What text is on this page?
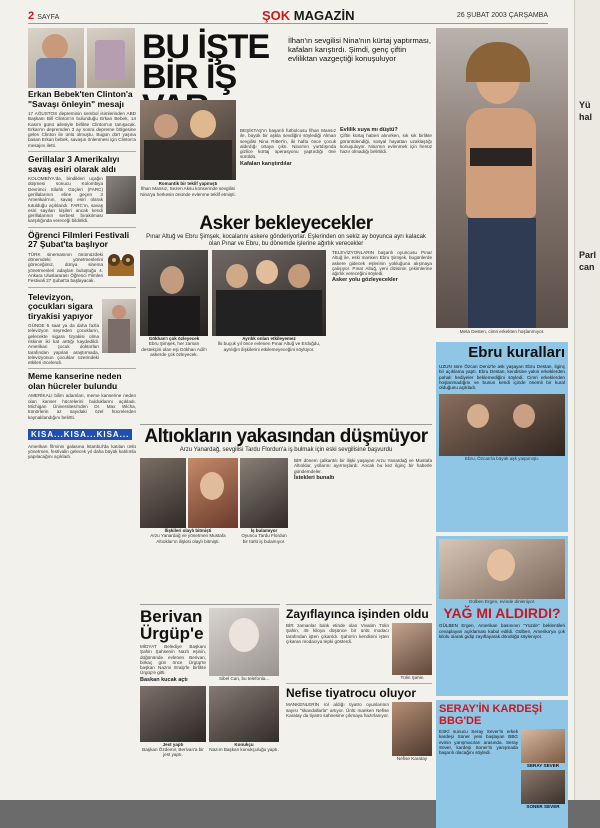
2 SAYFA	ŞOK MAGAZİN	26 ŞUBAT 2003 ÇARŞAMBA
Erkan Bebek'ten Clinton'a "Savaşı önleyin" mesajı

17 AĞUSTOS depreminin sembol isimlerinden ABD Başkanı Bill Clinton'ın bulunduğu Erkan Bebek, 14 Kasım günü ailesiyle birlikte Clinton'un tanışacak. Erkan'ın depremden 3 ay sonra depreme bölgesine gelen Clinton ile ünlü olmuştu. Bugün dört yaşına basan Erkan bebek, savaşın önlenmesi için Clinton'a mesajını iletti.

Gerillalar 3 Amerikalıyı savaş esiri olarak aldı

KOLOMBİYA'da, bindikleri uçağın düşmesi sonucu Kolombiya Devrimci Silahlı Güçleri (FARC) gerillalarının eline geçen 3 Amerikalı'nın, savaş esiri olarak tutulduğu açıklandı. FARC'ın, savaş esiri sayılan kişileri ancak kendi gerillalarının serbest bırakılması karşılığında vereceği bildirildi.

Öğrenci Filmleri Festivali 27 Şubat'ta başlıyor

TÜRK sinemasının önümüzdeki dönemdeki yönetmenlerini göreceğimiz, dünya sinema yönetmenleri adayları buluştuğu 4. Ankara Uluslararası Öğrenci Filmleri Festivali 27 Şubat'ta başlayacak.

Televizyon, çocukları sigara tiryakisi yapıyor

GÜNDE 5 saat ya da daha fazla televizyon seyreden çocukların, gelecekte sigara tiryakisi olma riskinin iki kat arttığı kaydedildi. Amerikan çocuk doktorları tarafından yapılan araştırmada, televizyonun çocuklar üzerindeki etkileri incelendi.

Meme kanserine neden olan hücreler bulundu

AMERİKALI bilim adamları, meme kanserine neden olan kanser hücrelerini bulduklarını açıkladı. Michigan Üniversitesi'nden Dr. Max Wicha, tümörlerin az sayıdaki özel hücrelerden kaynaklandığını belirtti.

KISA...KISA...KISA...

Amerikan filminin galasına İstanbul'da katılan ünlü yönetmen, festivalin gelecek yıl daha büyük katılımla yapılacağını açıkladı.

BU İŞTE BİR İŞ

İlhan'ın sevgilisi Nina'nın kürtaj yaptırması, kafaları karıştırdı. Şimdi, genç çiftin evliliktan vazgeçtiği konuşuluyor

Romantik bir teklif yapmıştı

İlhan Mansız, Sezen Aksu konserinde sevgilisi Nina'ya herkesin önünde evlenme teklif etmişti.

BEŞİKTAŞ'ın başarılı futbolcusu İlhan Mansız ile, büyük bir aşkla sevdiğini söylediği Alman sevgilisi Nina Ritter'in, iki hafta önce çocuk aldırdığı ortaya çıktı. Nina'nın yurtdışında gizlice kürtaj operasyonu yaptırdığı öne sürüldü.

Kafaları karıştırdılar
Evlilik suya mı düştü?

Çiftin kürtaj haberi alınırken, sık sık birlikte görüntülendiği, sosyal hayattan uzaklaştığı konuşuluyor. Nina'nın evlenmek için henüz hazır olmadığı belirtildi.

Asker bekleyecekler

Pınar Altuğ ve Ebru Şimşek, kocalarını askere gönderiyorlar. Eşlerinden on sekiz ay boyunca ayrı kalacak olan Pınar ve Ebru, bu dönemde işlerine ağırlık verecekler

Gökhan'ı çok özleyecek

Ebru Şimşek, her zaman destekçisi olan eşi Gökhan Adil'ı askerde çok özleyecek.

Ayrılık onları etkileyemez

İki buçuk yıl önce evlenen Pınar Altuğ ve Erdoğdu, ayrılığın ilişkilerini etkilemeyeceğini söylüyor.

TELEVİZYONLARIN başarılı oyuncusu Pınar Altuğ ile, eski manken Ebru Şimşek, bugünlerde askere gidecek eşlerinin yokluğuna alışmaya çalışıyor. Pınar Altuğ, yeni dizisinin çekimlerine ağırlık vereceğini söyledi.

Asker yolu gözleyecekler
Altıokların yakasından düşmüyor

Arzu Yanardağ, sevgilisi Tardu Flordun'a iş bulmak için eski sevgilisine başvurdu

İlişkileri olaylı bitmişti

Arzu Yanardağ ve yönetmen Mustafa Altıoklar'ın ilişkisi olaylı bitmişti.

İş bulamıyor

Oyuncu Tardu Flordun bir türlü iş bulamıyor.

BİR dönem çalkantılı bir ilişki yaşayan Arzu Yanardağ ve Mustafa Altıoklar, yollarını ayırmışlardı. Ancak bu kez ilginç bir haberle gündemdeler.

İstekleri bunaltı
Berivan Ürgüp'e

MİDYAT Belediye Başkanı Şahin Şahsenin Nazlı eşinin, düğününde evlenen Berivan, birkaç gün önce Ürgüp'te başkan Nazmi Eralp'le birlikte Ürgüp'e gitti.

Baskan kucak açtı	Sibel Can, bu telefonla...

Jest yaptı

Başkan Özdemir, Berivan'a bir jest yaptı.

Konukçu

Nazım Başkan konukçuluğu yaptı.

Zayıflayınca işinden oldu

BİR zamanlar balık etinde olan Vivatim Tülin Şahin, 45 kiloya düşünce bir ünlü modacı tarafından işten çıkarıldı. Şahin'in kendisini işten çıkaran modacıya tepki gösterdi.

Tülin Şahin

Nefise tiyatrocu oluyor

MANKENLERİN rol aldığı tiyatro oyunlarının sayısı "skandallarla" artıyor. Ünlü manken Nefise Karatay da tiyatro sahnesine çıkmaya hazırlanıyor.

Nefise Karatay

Meta Desten, cimri erkekten hoşlanmıyor.

Ebru kuralları

UZUN süre Özcan Deniz'le ask yaşayan Ebru Destan, ilginç bir açıklama yaptı. Ebru Destan, kendisine yakın erkeklerden pahalı hediyeler beklemediğini söyledi. Cimri erkeklerden hoşlanmadığını ve bunun kendi içinde önemli bir kural olduğunu açıkladı.

Ebru, Özcan'la büyük aşk yaşamıştı.

Gülben Ergen, evinde dinleniyor.

YAĞ MI ALDIRDI?

GÜLBEN Ergen, Amerikan basınının "Yüzde" beklentileri cevaplayan açıklaması kabul edildi. Gülben, Amerika'ya çok kilolu olarak gidip zayıflayarak döndüğü söyleniyor.

SERAY'İN KARDEŞİ BBG'DE

ESKİ sunucu Seray Sever'in erkek kardeşi Soner yeni başlayan BBG evinin yarışmacıları arasında. Seray Sever, kardeşi Soner'in yarışmada başarılı olacağını söyledi.

SERAY SEVER

SONER SEVER

Yü
hal
Parl
can
